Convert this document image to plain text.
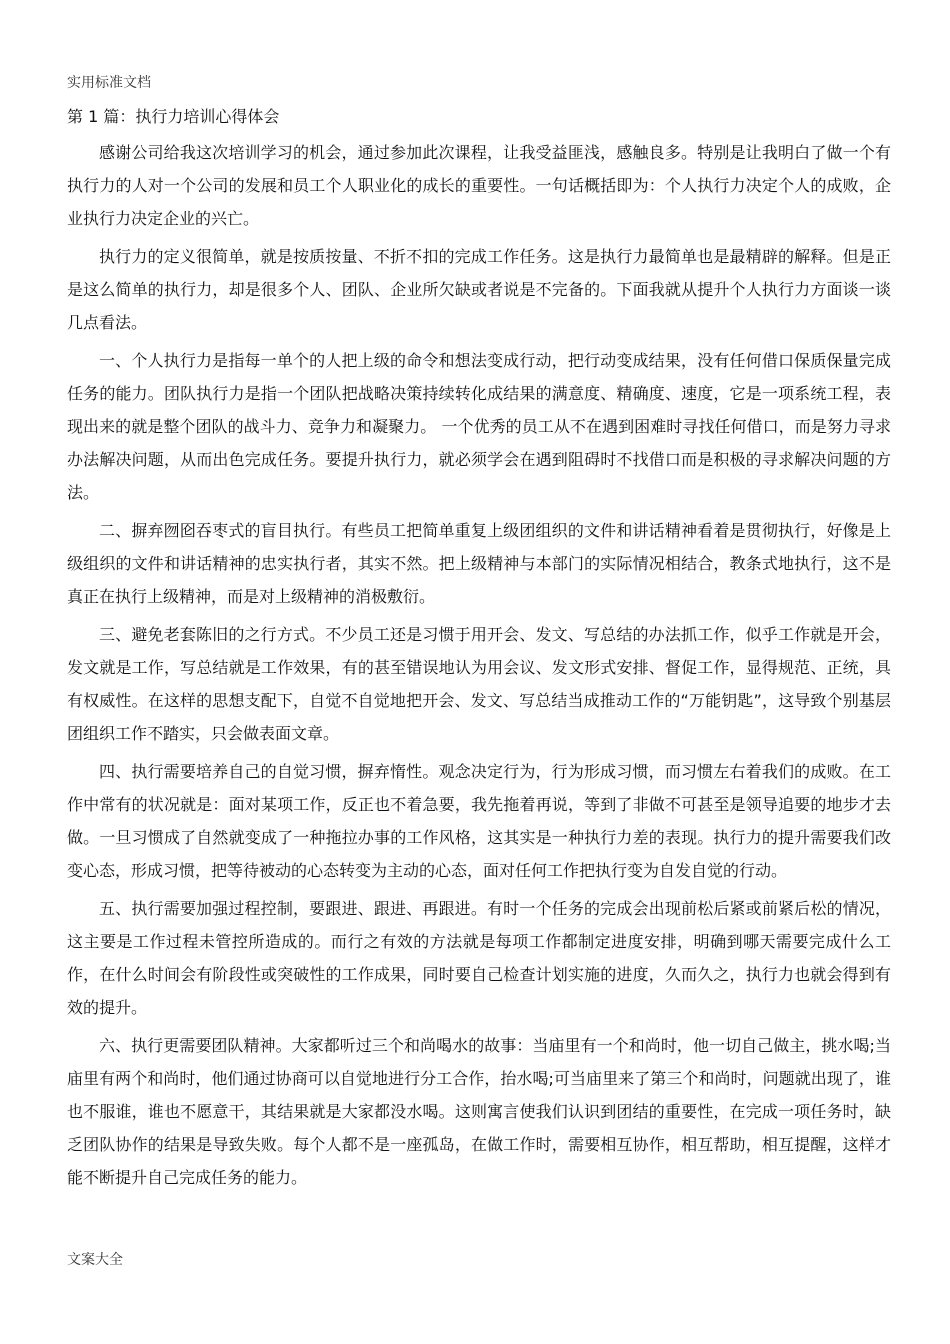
实用标准文档
第 1 篇：执行力培训心得体会

感谢公司给我这次培训学习的机会，通过参加此次课程，让我受益匪浅，感触良多。特别是让我明白了做一个有执行力的人对一个公司的发展和员工个人职业化的成长的重要性。一句话概括即为：个人执行力决定个人的成败，企业执行力决定企业的兴亡。

执行力的定义很简单，就是按质按量、不折不扣的完成工作任务。这是执行力最简单也是最精辟的解释。但是正是这么简单的执行力，却是很多个人、团队、企业所欠缺或者说是不完备的。下面我就从提升个人执行力方面谈一谈几点看法。

一、个人执行力是指每一单个的人把上级的命令和想法变成行动，把行动变成结果，没有任何借口保质保量完成任务的能力。团队执行力是指一个团队把战略决策持续转化成结果的满意度、精确度、速度，它是一项系统工程，表现出来的就是整个团队的战斗力、竞争力和凝聚力。 一个优秀的员工从不在遇到困难时寻找任何借口，而是努力寻求办法解决问题，从而出色完成任务。要提升执行力，就必须学会在遇到阻碍时不找借口而是积极的寻求解决问题的方法。

二、摒弃囫囵吞枣式的盲目执行。有些员工把简单重复上级团组织的文件和讲话精神看着是贯彻执行，好像是上级组织的文件和讲话精神的忠实执行者，其实不然。把上级精神与本部门的实际情况相结合，教条式地执行，这不是真正在执行上级精神，而是对上级精神的消极敷衍。

三、避免老套陈旧的之行方式。不少员工还是习惯于用开会、发文、写总结的办法抓工作，似乎工作就是开会，发文就是工作，写总结就是工作效果，有的甚至错误地认为用会议、发文形式安排、督促工作，显得规范、正统，具有权威性。在这样的思想支配下，自觉不自觉地把开会、发文、写总结当成推动工作的“万能钥匙”，这导致个别基层团组织工作不踏实，只会做表面文章。

四、执行需要培养自己的自觉习惯，摒弃惰性。观念决定行为，行为形成习惯，而习惯左右着我们的成败。在工作中常有的状况就是：面对某项工作，反正也不着急要，我先拖着再说，等到了非做不可甚至是领导追要的地步才去做。一旦习惯成了自然就变成了一种拖拉办事的工作风格，这其实是一种执行力差的表现。执行力的提升需要我们改变心态，形成习惯，把等待被动的心态转变为主动的心态，面对任何工作把执行变为自发自觉的行动。

五、执行需要加强过程控制，要跟进、跟进、再跟进。有时一个任务的完成会出现前松后紧或前紧后松的情况，这主要是工作过程未管控所造成的。而行之有效的方法就是每项工作都制定进度安排，明确到哪天需要完成什么工作，在什么时间会有阶段性或突破性的工作成果，同时要自己检查计划实施的进度，久而久之，执行力也就会得到有效的提升。

六、执行更需要团队精神。大家都听过三个和尚喝水的故事：当庙里有一个和尚时，他一切自己做主，挑水喝;当庙里有两个和尚时，他们通过协商可以自觉地进行分工合作，抬水喝;可当庙里来了第三个和尚时，问题就出现了，谁也不服谁，谁也不愿意干，其结果就是大家都没水喝。这则寓言使我们认识到团结的重要性，在完成一项任务时，缺乏团队协作的结果是导致失败。每个人都不是一座孤岛，在做工作时，需要相互协作，相互帮助，相互提醒，这样才能不断提升自己完成任务的能力。

文案大全
